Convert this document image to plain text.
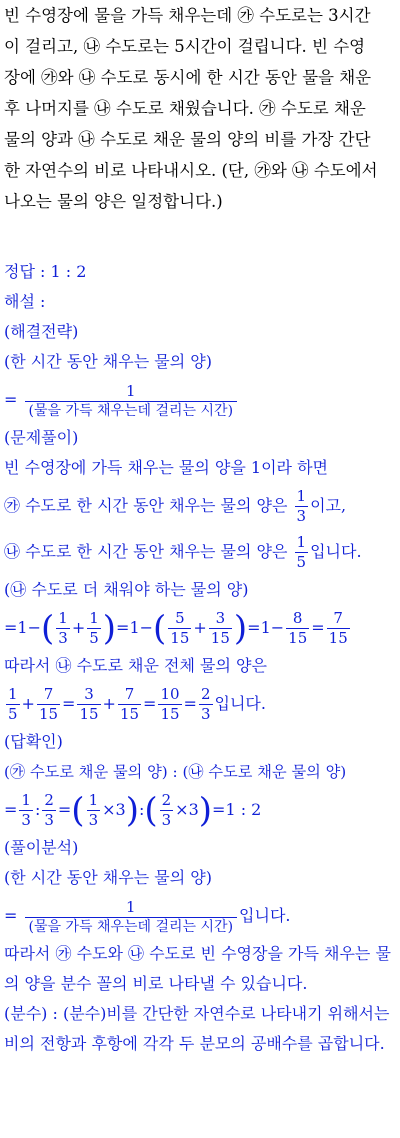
빈 수영장에 물을 가득 채우는데 ㉮ 수도로는 3시간
이 걸리고, ㉯ 수도로는 5시간이 걸립니다. 빈 수영
장에 ㉮와 ㉯ 수도로 동시에 한 시간 동안 물을 채운
후 나머지를 ㉯ 수도로 채웠습니다. ㉮ 수도로 채운
물의 양과 ㉯ 수도로 채운 물의 양의 비를 가장 간단
한 자연수의 비로 나타내시오. (단, ㉮와 ㉯ 수도에서
나오는 물의 양은 일정합니다.)
정답 : 1 : 2
해설 :
(해결전략)
(한 시간 동안 채우는 물의 양)
= $\frac{1}{\text{(물을 가득 채우는데 걸리는 시간)}}$
(문제풀이)
빈 수영장에 가득 채우는 물의 양을 1이라 하면
㉮ 수도로 한 시간 동안 채우는 물의 양은 $\frac{1}{3}$ 이고,
㉯ 수도로 한 시간 동안 채우는 물의 양은 $\frac{1}{5}$ 입니다.
(㉯ 수도로 더 채워야 하는 물의 양)
$=1-( \frac{1}{3} + \frac{1}{5} )=1-( \frac{5}{15} + \frac{3}{15} )=1- \frac{8}{15} = \frac{7}{15}$
따라서 ㉯ 수도로 채운 전체 물의 양은
$\frac{1}{5} + \frac{7}{15} = \frac{3}{15} + \frac{7}{15} = \frac{10}{15} = \frac{2}{3}$ 입니다.
(답확인)
(㉮ 수도로 채운 물의 양) : (㉯ 수도로 채운 물의 양)
= $\frac{1}{3}$ : $\frac{2}{3}$ =( $\frac{1}{3}$ ×3):( $\frac{2}{3} \times 3)=1$ : 2
(풀이분석)
(한 시간 동안 채우는 물의 양)
= $\frac{1}{\text{(물을 가득 채우는데 걸리는 시간)}}$ 입니다.
따라서 ㉮ 수도와 ㉯ 수도로 빈 수영장을 가득 채우는 물의 양을 분수 꼴의 비로 나타낼 수 있습니다.
(분수) : (분수)비를 간단한 자연수로 나타내기 위해서는 비의 전항과 후항에 각각 두 분모의 공배수를 곱합니다.
